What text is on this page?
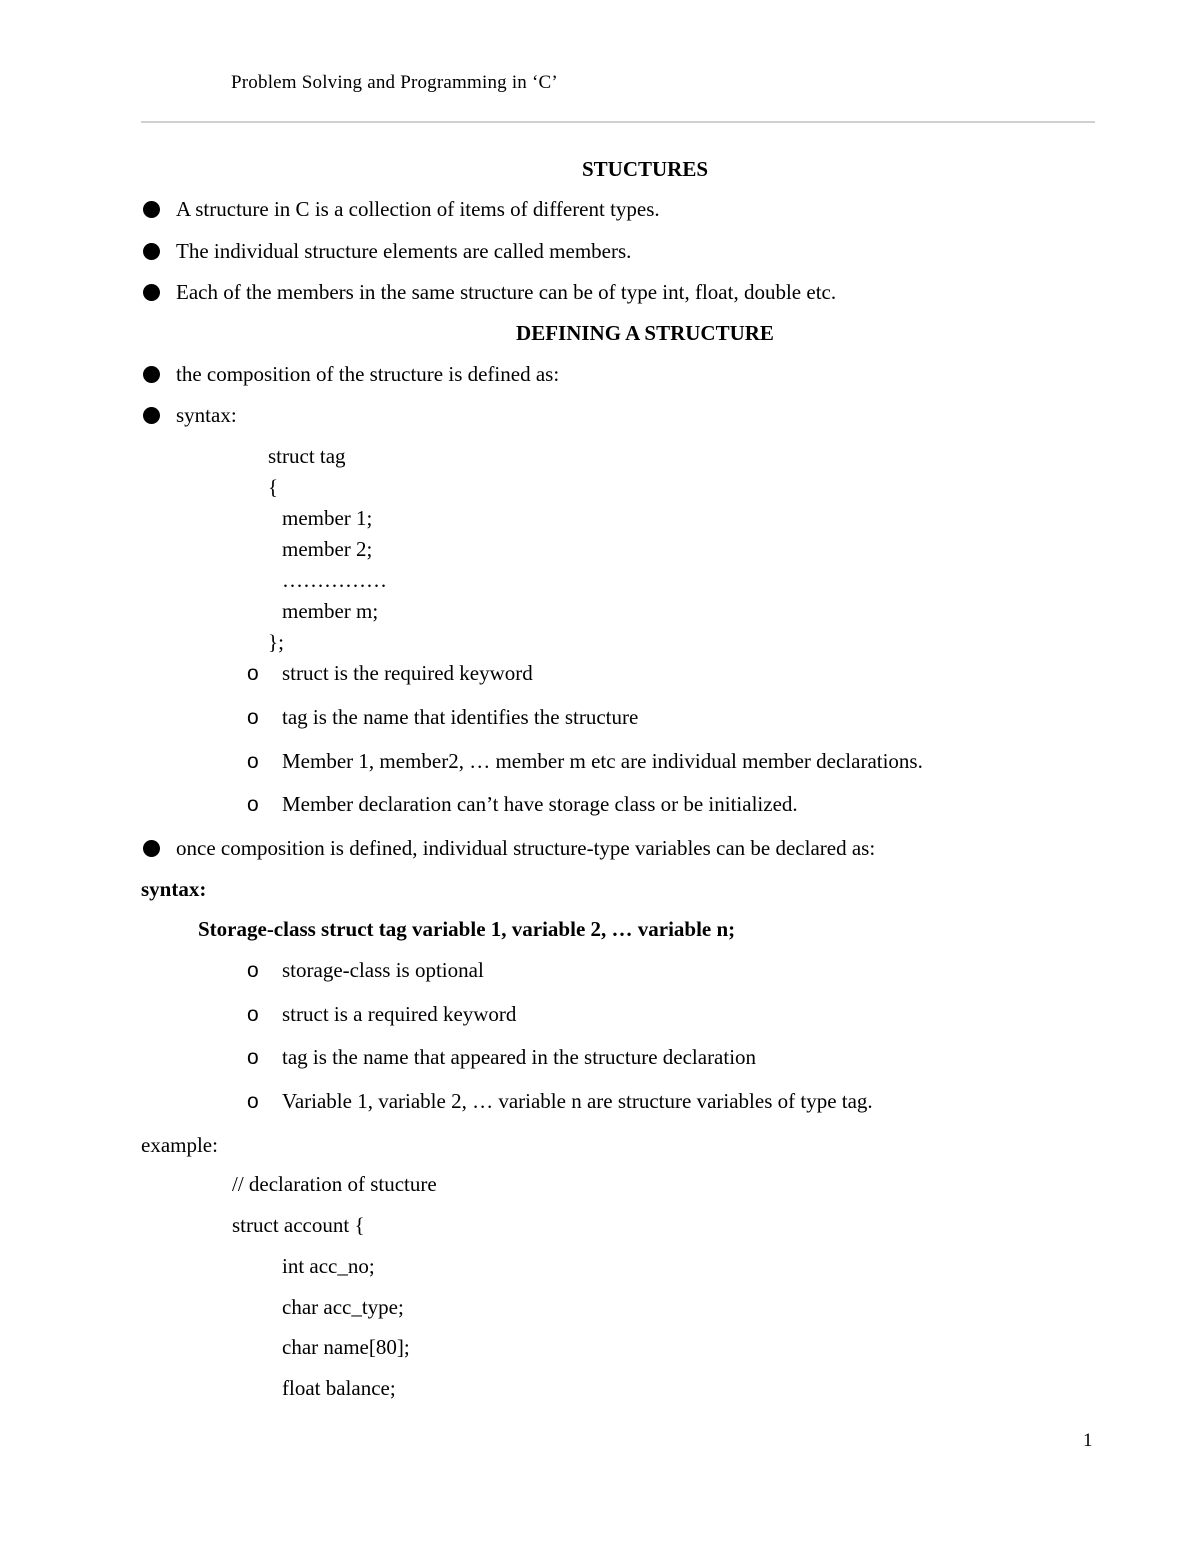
Problem Solving and Programming in ‘C’
STUCTURES
A structure in C is a collection of items of different types.
The individual structure elements are called members.
Each of the members in the same structure can be of type int, float, double etc.
DEFINING A STRUCTURE
the composition of the structure is defined as:
syntax:
struct tag
{
member 1;
member 2;
……………
member m;
};
o struct is the required keyword
o tag is the name that identifies the structure
o Member 1, member2, … member m etc are individual member declarations.
o Member declaration can’t have storage class or be initialized.
once composition is defined, individual structure-type variables can be declared as:
syntax:
Storage-class struct tag variable 1, variable 2, … variable n;
o storage-class is optional
o struct is a required keyword
o tag is the name that appeared in the structure declaration
o Variable 1, variable 2, … variable n are structure variables of type tag.
example:
// declaration of stucture
struct account {
int acc_no;
char acc_type;
char name[80];
float balance;
1
